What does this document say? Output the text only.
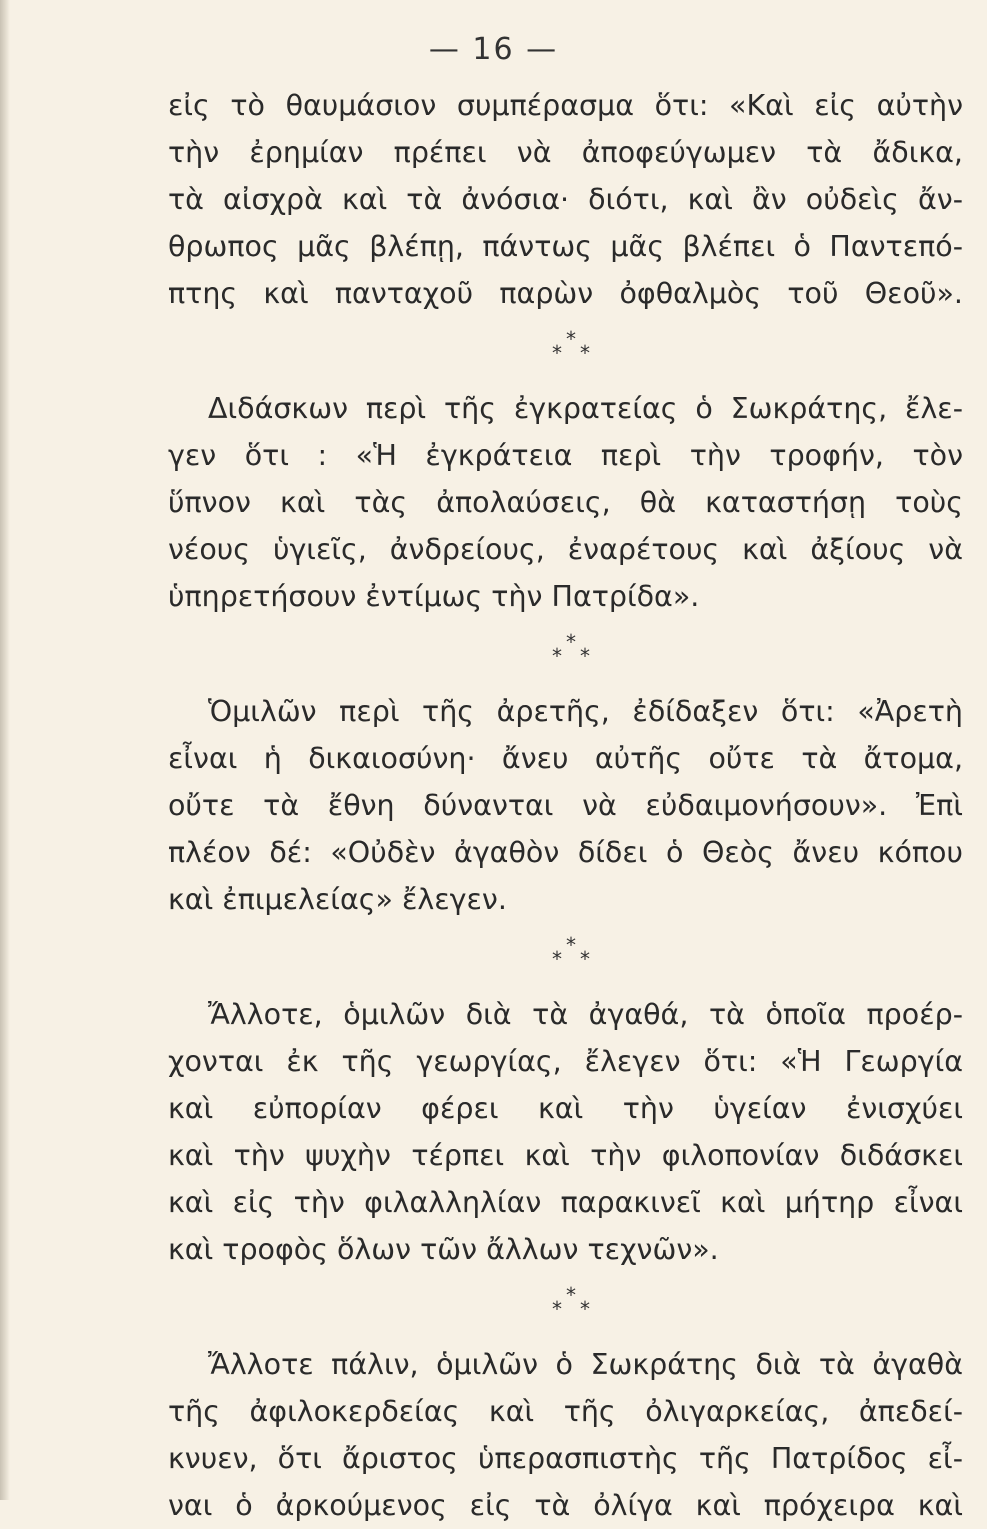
— 16 —
εἰς τὸ θαυμάσιον συμπέρασμα ὅτι: «Καὶ εἰς αὐτὴν
τὴν ἐρημίαν πρέπει νὰ ἀποφεύγωμεν τὰ ἄδικα,
τὰ αἰσχρὰ καὶ τὰ ἀνόσια· διότι, καὶ ἂν οὐδεὶς ἄν-
θρωπος μᾶς βλέπῃ, πάντως μᾶς βλέπει ὁ Παντεπό-
πτης καὶ πανταχοῦ παρὼν ὀφθαλμὸς τοῦ Θεοῦ».
*
* *
Διδάσκων περὶ τῆς ἐγκρατείας ὁ Σωκράτης, ἔλε-
γεν ὅτι : «Ἡ ἐγκράτεια περὶ τὴν τροφήν, τὸν
ὕπνον καὶ τὰς ἀπολαύσεις, θὰ καταστήσῃ τοὺς
νέους ὑγιεῖς, ἀνδρείους, ἐναρέτους καὶ ἀξίους νὰ
ὑπηρετήσουν ἐντίμως τὴν Πατρίδα».
*
* *
Ὁμιλῶν περὶ τῆς ἀρετῆς, ἐδίδαξεν ὅτι: «Ἀρετὴ
εἶναι ἡ δικαιοσύνη· ἄνευ αὐτῆς οὔτε τὰ ἄτομα,
οὔτε τὰ ἔθνη δύνανται νὰ εὐδαιμονήσουν». Ἐπὶ
πλέον δέ: «Οὐδὲν ἀγαθὸν δίδει ὁ Θεὸς ἄνευ κόπου
καὶ ἐπιμελείας» ἔλεγεν.
*
* *
Ἄλλοτε, ὁμιλῶν διὰ τὰ ἀγαθά, τὰ ὁποῖα προέρ-
χονται ἐκ τῆς γεωργίας, ἔλεγεν ὅτι: «Ἡ Γεωργία
καὶ εὐπορίαν φέρει καὶ τὴν ὑγείαν ἐνισχύει
καὶ τὴν ψυχὴν τέρπει καὶ τὴν φιλοπονίαν διδάσκει
καὶ εἰς τὴν φιλαλληλίαν παρακινεῖ καὶ μήτηρ εἶναι
καὶ τροφὸς ὅλων τῶν ἄλλων τεχνῶν».
*
* *
Ἄλλοτε πάλιν, ὁμιλῶν ὁ Σωκράτης διὰ τὰ ἀγαθὰ
τῆς ἀφιλοκερδείας καὶ τῆς ὀλιγαρκείας, ἀπεδεί-
κνυεν, ὅτι ἄριστος ὑπερασπιστὴς τῆς Πατρίδος εἶ-
ναι ὁ ἀρκούμενος εἰς τὰ ὀλίγα καὶ πρόχειρα καὶ
